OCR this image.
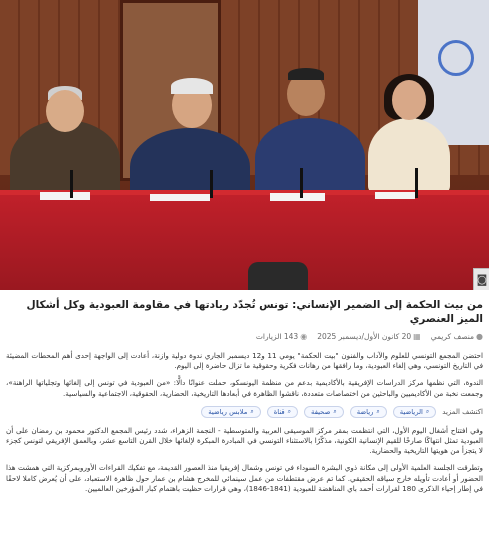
◙
من بيت الحكمة إلى الضمير الإنساني: تونس تُجدّد ريادتها في مقاومة العبودية وكل أشكال الميز العنصري
●منصف كريمي
▦20 كانون الأول/ديسمبر 2025
◉143 الزيارات

احتضن المجمع التونسي للعلوم والآداب والفنون "بيت الحكمة" يومي 11 و12 ديسمبر الجاري ندوة دولية وازنة، أعادت إلى الواجهة إحدى أهم المحطات المضيئة في التاريخ التونسي، وهي إلغاء العبودية، وما رافقها من رهانات فكرية وحقوقية ما تزال حاضرة إلى اليوم.

الندوة، التي نظمها مركز الدراسات الإفريقية بالأكاديمية بدعم من منظمة اليونسكو، حملت عنوانًا دالًّا: «من العبودية في تونس إلى إلغائها وتجلياتها الراهنة»، وجمعت نخبة من الأكاديميين والباحثين من اختصاصات متعددة، ناقشوا الظاهرة في أبعادها التاريخية، الحضارية، الحقوقية، الاجتماعية والسياسية.

اكتشف المزيد
⌕
الرياضية
⌕
رياضة
⌕
صحيفة
⌕
قناة
⌕
ملابس رياضية

وفي افتتاح أشغال اليوم الأول، التي انتظمت بمقر مركز الموسيقى العربية والمتوسطية - النجمة الزهراء، شدد رئيس المجمع الدكتور محمود بن رمضان على أن العبودية تمثل انتهاكًا صارخًا للقيم الإنسانية الكونية، مذكّرًا بالاستثناء التونسي في المبادرة المبكرة لإلغائها خلال القرن التاسع عشر، وبالعمق الإفريقي لتونس كجزء لا يتجزأ من هويتها التاريخية والحضارية.

وتطرقت الجلسة العلمية الأولى إلى مكانة ذوي البشرة السوداء في تونس وشمال إفريقيا منذ العصور القديمة، مع تفكيك القراءات الأوروبمركزية التي همشت هذا الحضور أو أعادت تأويله خارج سياقه الحقيقي. كما تم عرض مقتطفات من عمل سينمائي للمخرج هشام بن عمار حول ظاهرة الاستعباد، على أن يُعرض كاملا لاحقًا في إطار إحياء الذكرى 180 لقرارات أحمد باي المناهضة للعبودية (1841-1846)، وهي قرارات حظيت باهتمام كبار المؤرخين العالميين.
